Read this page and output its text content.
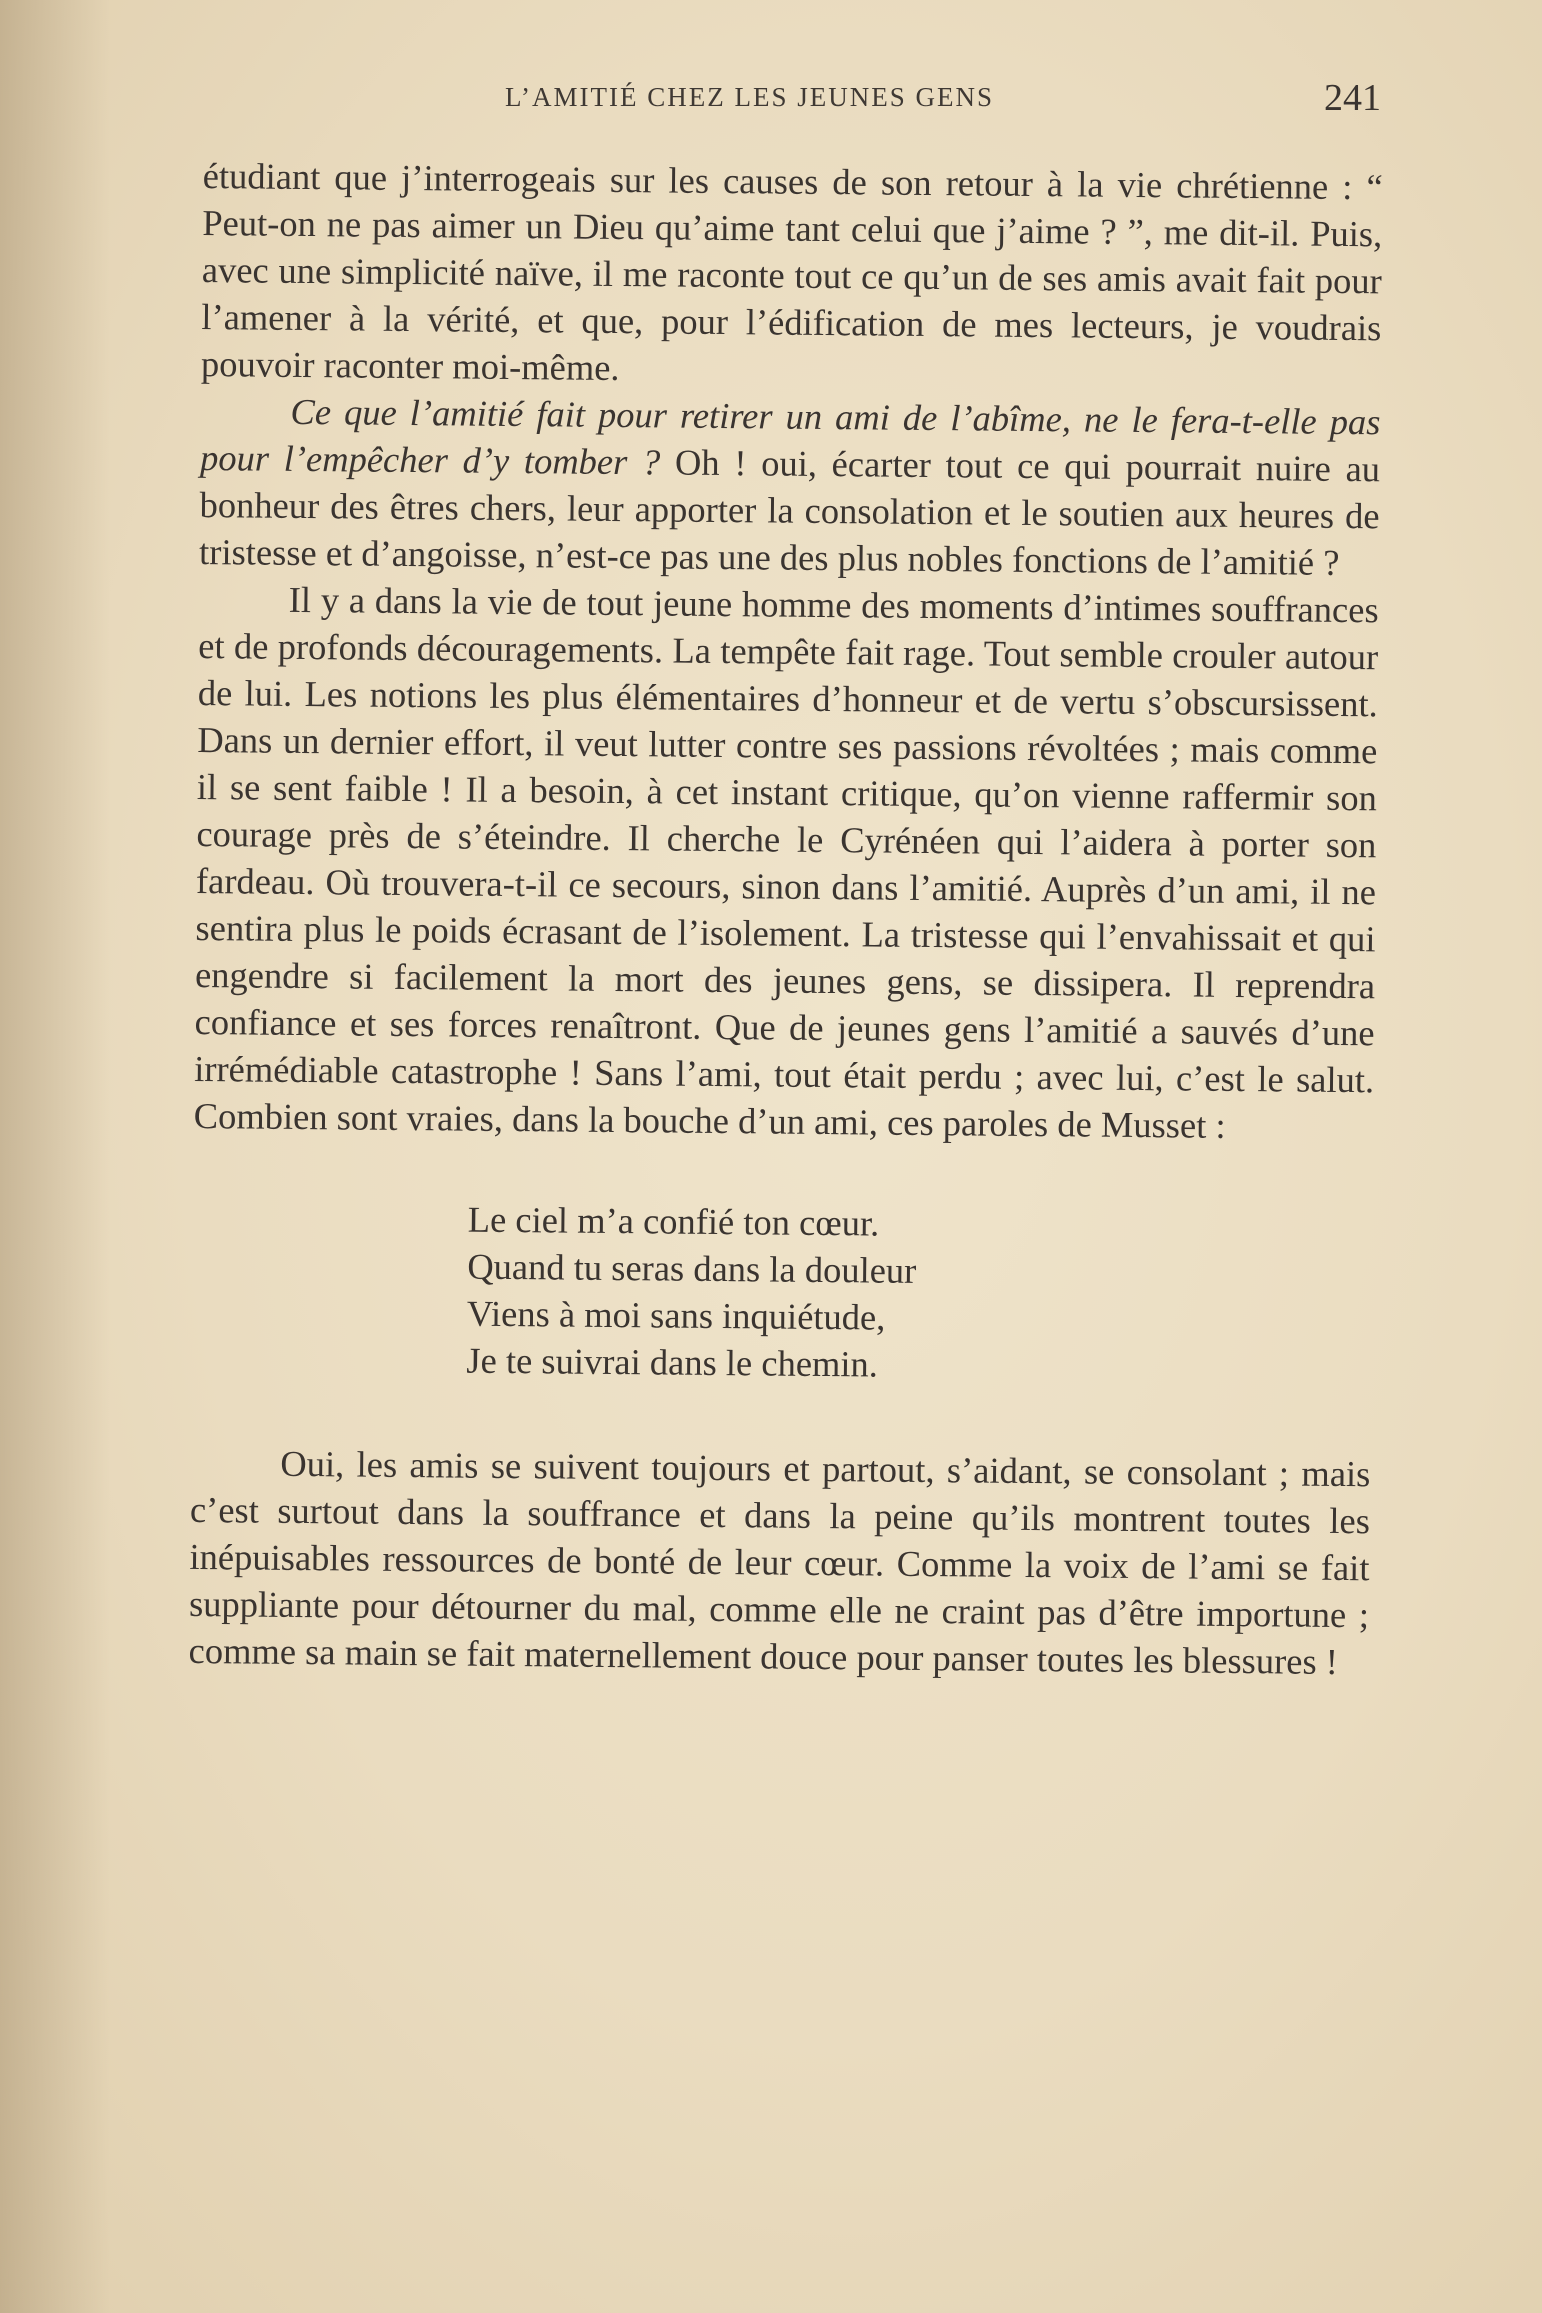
L’AMITIÉ CHEZ LES JEUNES GENS	241

étudiant que j’interrogeais sur les causes de son retour à la vie chrétienne : “ Peut-on ne pas aimer un Dieu qu’aime tant celui que j’aime ? ”, me dit-il. Puis, avec une simplicité naïve, il me raconte tout ce qu’un de ses amis avait fait pour l’amener à la vérité, et que, pour l’édification de mes lecteurs, je voudrais pouvoir raconter moi-même.

Ce que l’amitié fait pour retirer un ami de l’abîme, ne le fera-t-elle pas pour l’empêcher d’y tomber ? Oh ! oui, écarter tout ce qui pourrait nuire au bonheur des êtres chers, leur apporter la consolation et le soutien aux heures de tristesse et d’angoisse, n’est-ce pas une des plus nobles fonctions de l’amitié ?

Il y a dans la vie de tout jeune homme des moments d’intimes souffrances et de profonds découragements. La tempête fait rage. Tout semble crouler autour de lui. Les notions les plus élémentaires d’honneur et de vertu s’obscursissent. Dans un dernier effort, il veut lutter contre ses passions révoltées ; mais comme il se sent faible ! Il a besoin, à cet instant critique, qu’on vienne raffermir son courage près de s’éteindre. Il cherche le Cyrénéen qui l’aidera à porter son fardeau. Où trouvera-t-il ce secours, sinon dans l’amitié. Auprès d’un ami, il ne sentira plus le poids écrasant de l’isolement. La tristesse qui l’envahissait et qui engendre si facilement la mort des jeunes gens, se dissipera. Il reprendra confiance et ses forces renaîtront. Que de jeunes gens l’amitié a sauvés d’une irrémédiable catastrophe ! Sans l’ami, tout était perdu ; avec lui, c’est le salut. Combien sont vraies, dans la bouche d’un ami, ces paroles de Musset :

Le ciel m’a confié ton cœur.
Quand tu seras dans la douleur
Viens à moi sans inquiétude,
Je te suivrai dans le chemin.

Oui, les amis se suivent toujours et partout, s’aidant, se consolant ; mais c’est surtout dans la souffrance et dans la peine qu’ils montrent toutes les inépuisables ressources de bonté de leur cœur. Comme la voix de l’ami se fait suppliante pour détourner du mal, comme elle ne craint pas d’être importune ; comme sa main se fait maternellement douce pour panser toutes les blessures !
